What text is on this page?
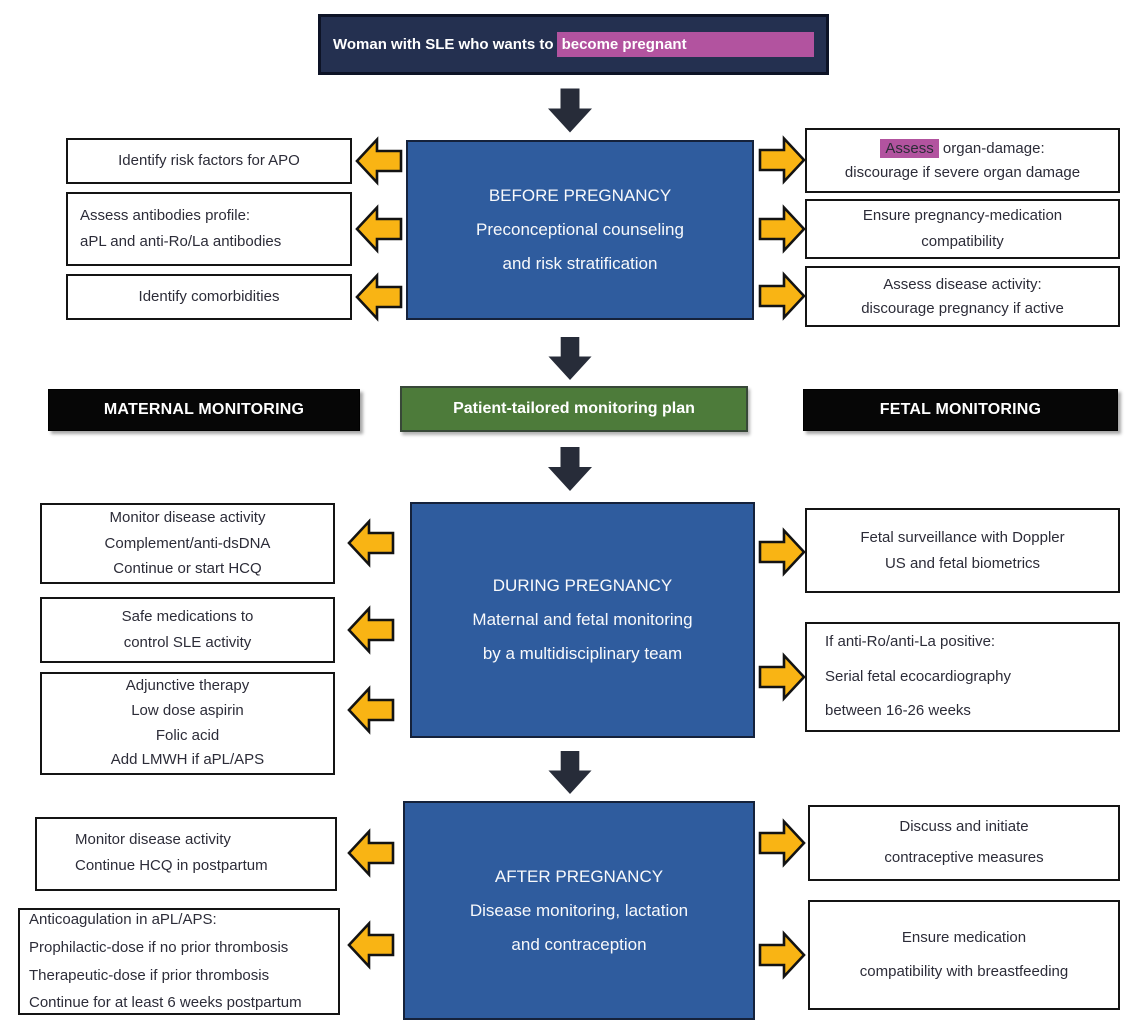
Woman with SLE who wants to become pregnant
BEFORE PREGNANCY
Preconceptional counseling
and risk stratification
Identify risk factors for APO
Assess antibodies profile:
aPL and anti-Ro/La antibodies
Identify comorbidities
Assess organ-damage:
discourage if severe organ damage
Ensure pregnancy-medication
compatibility
Assess disease activity:
discourage pregnancy if active
MATERNAL MONITORING	Patient-tailored monitoring plan	FETAL MONITORING
DURING PREGNANCY
Maternal and fetal monitoring
by a multidisciplinary team
Monitor disease activity
Complement/anti-dsDNA
Continue or start HCQ
Safe medications to
control SLE activity
Adjunctive therapy
Low dose aspirin
Folic acid
Add LMWH if aPL/APS
Fetal surveillance with Doppler
US and fetal biometrics
If anti-Ro/anti-La positive:
Serial fetal ecocardiography
between 16-26 weeks
AFTER PREGNANCY
Disease monitoring, lactation
and contraception
Monitor disease activity
Continue HCQ in postpartum
Anticoagulation in aPL/APS:
Prophilactic-dose if no prior thrombosis
Therapeutic-dose if prior thrombosis
Continue for at least 6 weeks postpartum
Discuss and initiate
contraceptive measures
Ensure medication
compatibility with breastfeeding
